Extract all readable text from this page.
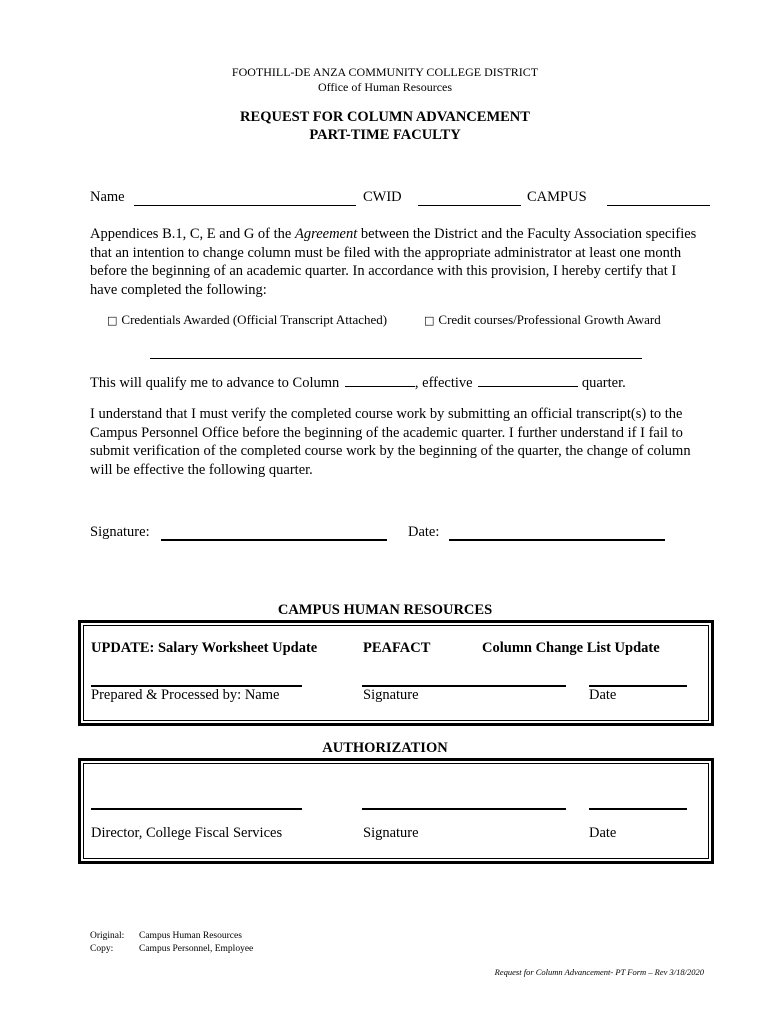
FOOTHILL-DE ANZA COMMUNITY COLLEGE DISTRICT
Office of Human Resources
REQUEST FOR COLUMN ADVANCEMENT
PART-TIME FACULTY
Name	CWID	CAMPUS
Appendices B.1, C, E and G of the Agreement between the District and the Faculty Association specifies that an intention to change column must be filed with the appropriate administrator at least one month before the beginning of an academic quarter. In accordance with this provision, I hereby certify that I have completed the following:
□ Credentials Awarded (Official Transcript Attached)	□ Credit courses/Professional Growth Award
This will qualify me to advance to Column	, effective	quarter.
I understand that I must verify the completed course work by submitting an official transcript(s) to the Campus Personnel Office before the beginning of the academic quarter. I further understand if I fail to submit verification of the completed course work by the beginning of the quarter, the change of column will be effective the following quarter.
Signature:	Date:
CAMPUS HUMAN RESOURCES
UPDATE: Salary Worksheet Update	PEAFACT	Column Change List Update
Prepared & Processed by: Name	Signature	Date
AUTHORIZATION
Director, College Fiscal Services	Signature	Date
Original: Campus Human Resources
Copy:	Campus Personnel, Employee
Request for Column Advancement- PT Form – Rev 3/18/2020
